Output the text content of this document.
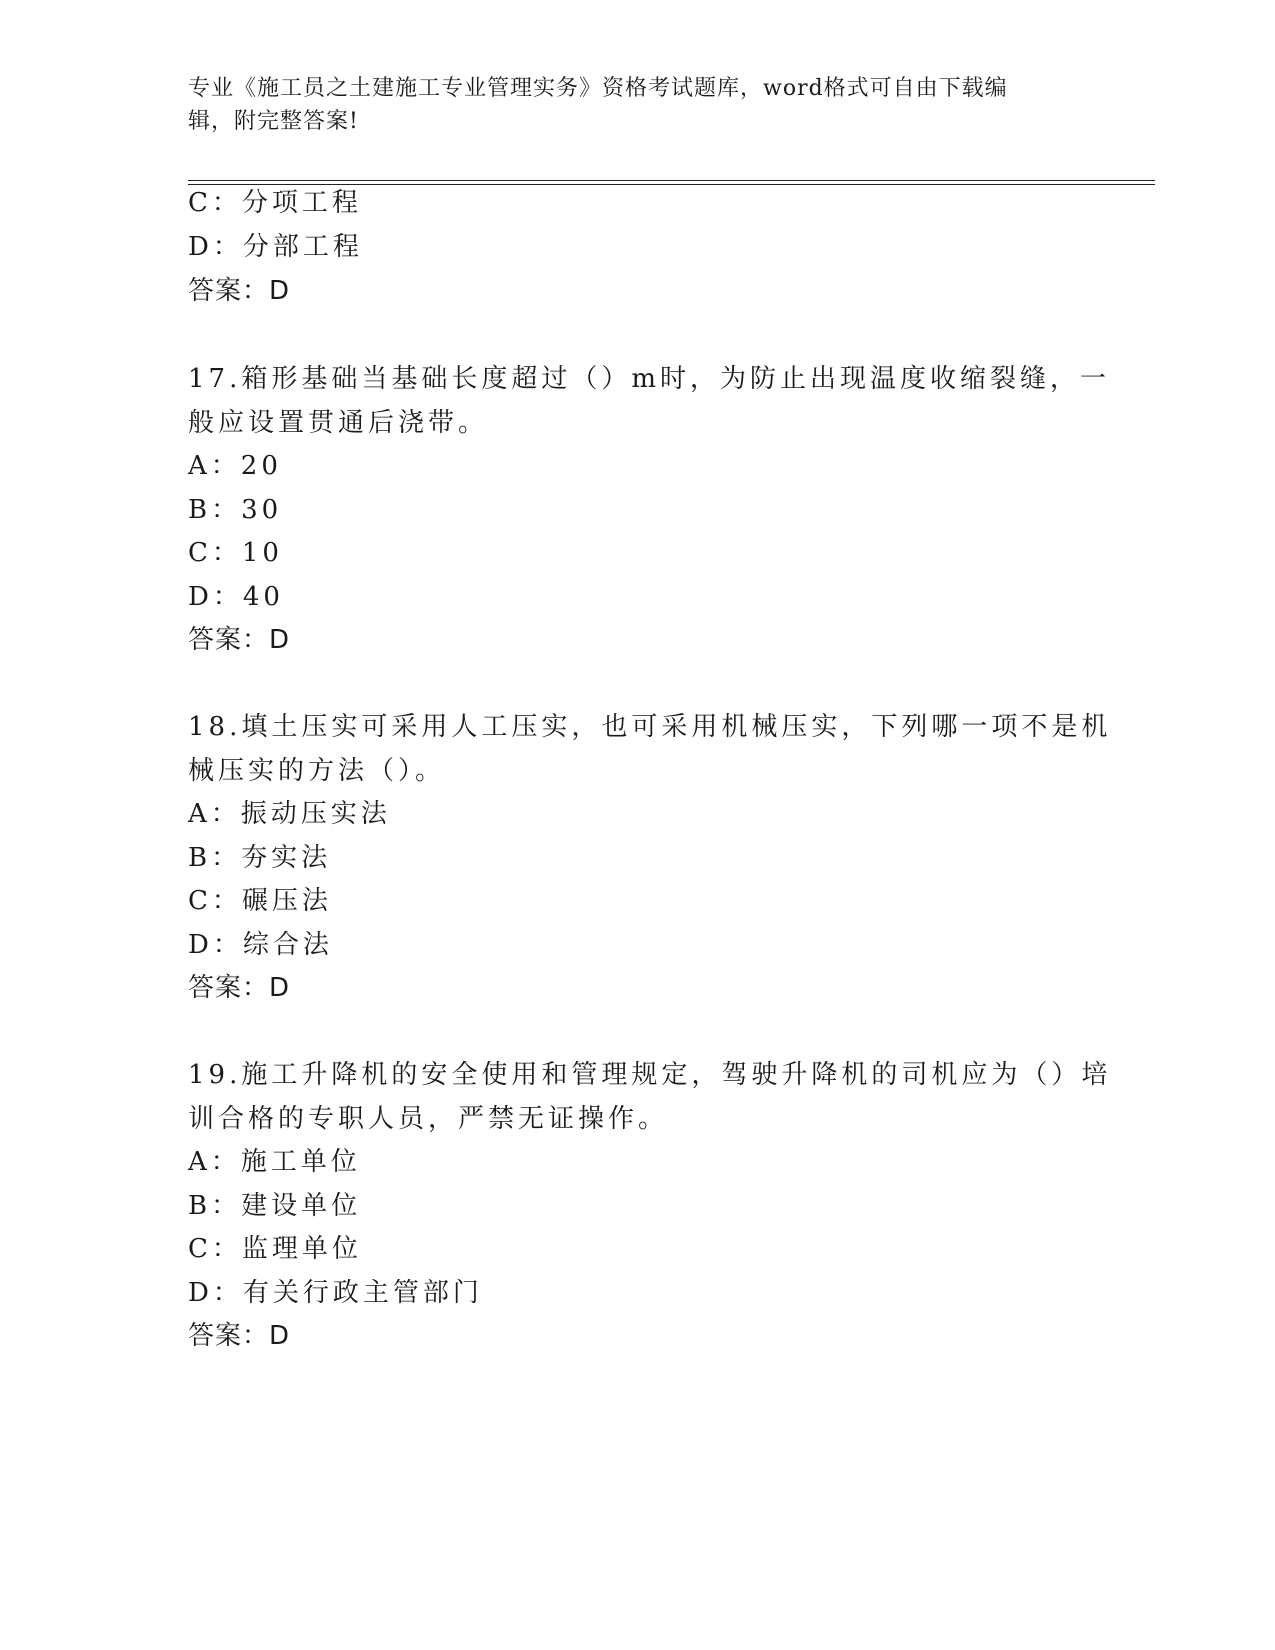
专业《施工员之土建施工专业管理实务》资格考试题库，word格式可自由下载编
辑，附完整答案!
C：分项工程
D：分部工程
答案：D
17.箱形基础当基础长度超过（）m时，为防止出现温度收缩裂缝，一
般应设置贯通后浇带。
A：20
B：30
C：10
D：40
答案：D
18.填土压实可采用人工压实，也可采用机械压实，下列哪一项不是机
械压实的方法（）。
A：振动压实法
B：夯实法
C：碾压法
D：综合法
答案：D
19.施工升降机的安全使用和管理规定，驾驶升降机的司机应为（）培
训合格的专职人员，严禁无证操作。
A：施工单位
B：建设单位
C：监理单位
D：有关行政主管部门
答案：D
